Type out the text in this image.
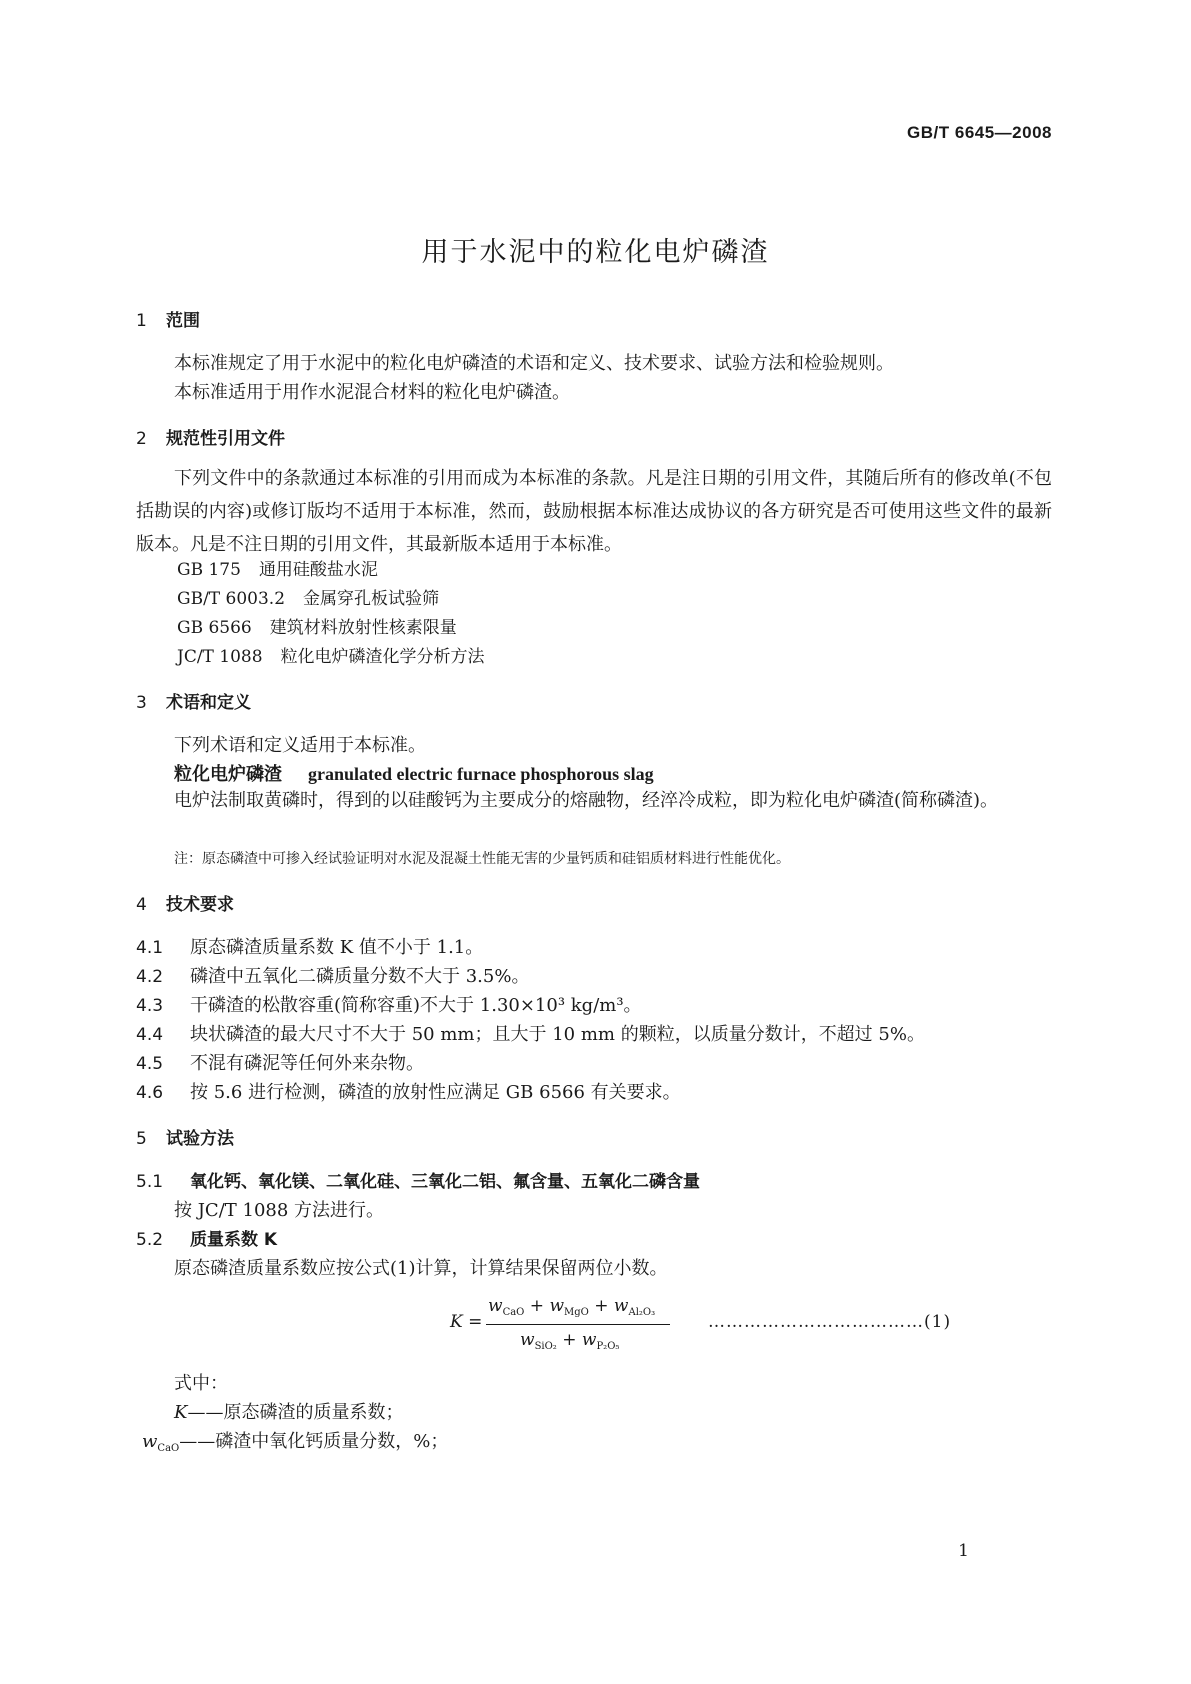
GB/T 6645—2008
用于水泥中的粒化电炉磷渣
1 范围
本标准规定了用于水泥中的粒化电炉磷渣的术语和定义、技术要求、试验方法和检验规则。
本标准适用于用作水泥混合材料的粒化电炉磷渣。
2 规范性引用文件
下列文件中的条款通过本标准的引用而成为本标准的条款。凡是注日期的引用文件，其随后所有的修改单(不包括勘误的内容)或修订版均不适用于本标准，然而，鼓励根据本标准达成协议的各方研究是否可使用这些文件的最新版本。凡是不注日期的引用文件，其最新版本适用于本标准。
GB 175 通用硅酸盐水泥
GB/T 6003.2 金属穿孔板试验筛
GB 6566 建筑材料放射性核素限量
JC/T 1088 粒化电炉磷渣化学分析方法
3 术语和定义
下列术语和定义适用于本标准。
粒化电炉磷渣 granulated electric furnace phosphorous slag
电炉法制取黄磷时，得到的以硅酸钙为主要成分的熔融物，经淬冷成粒，即为粒化电炉磷渣(简称磷渣)。
注：原态磷渣中可掺入经试验证明对水泥及混凝土性能无害的少量钙质和硅铝质材料进行性能优化。
4 技术要求
4.1 原态磷渣质量系数 K 值不小于 1.1。
4.2 磷渣中五氧化二磷质量分数不大于 3.5%。
4.3 干磷渣的松散容重(简称容重)不大于 1.30×10³ kg/m³。
4.4 块状磷渣的最大尺寸不大于 50 mm；且大于 10 mm 的颗粒，以质量分数计，不超过 5%。
4.5 不混有磷泥等任何外来杂物。
4.6 按 5.6 进行检测，磷渣的放射性应满足 GB 6566 有关要求。
5 试验方法
5.1 氧化钙、氧化镁、二氧化硅、三氧化二铝、氟含量、五氧化二磷含量
按 JC/T 1088 方法进行。
5.2 质量系数 K
原态磷渣质量系数应按公式(1)计算，计算结果保留两位小数。
K =
$w_{CaO} + w_{MgO} + w_{Al_2O_3}$
$w_{SiO_2} + w_{P_2O_5}$
………………………………(1)
式中：
K——原态磷渣的质量系数；
$w_{CaO}——$磷渣中氧化钙质量分数，%；
1
